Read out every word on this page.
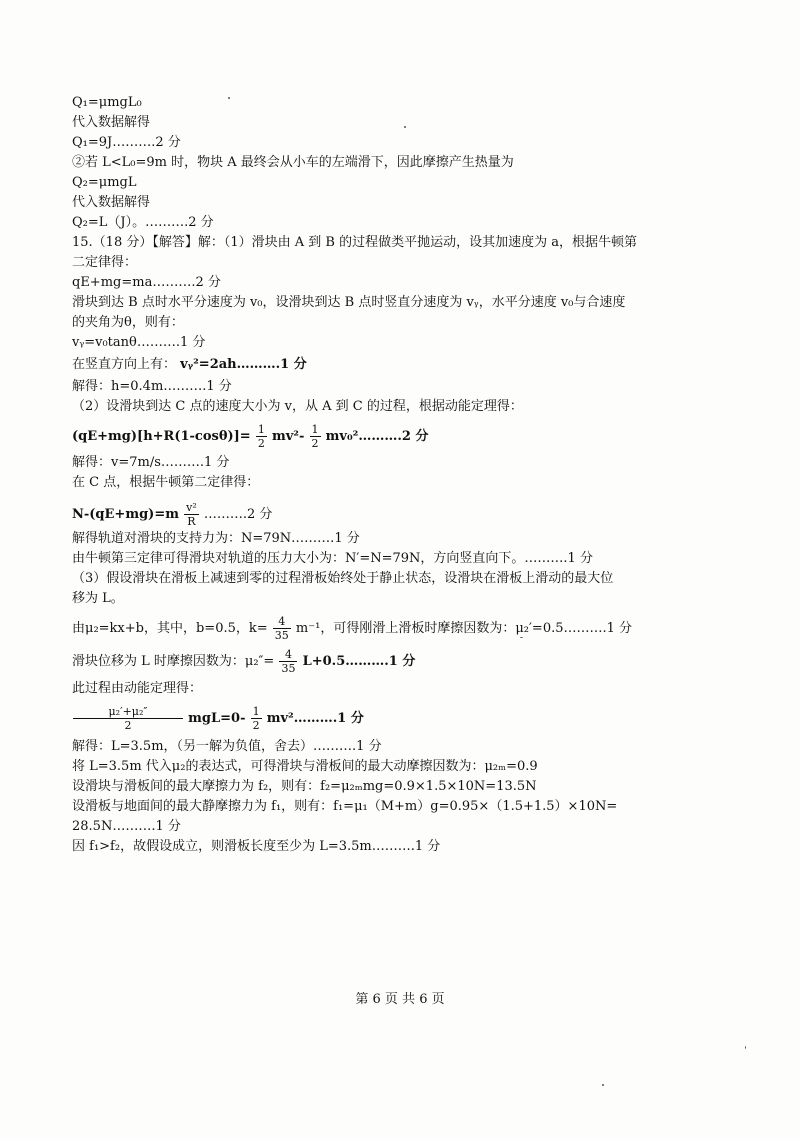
Q₁=μmgL₀
代入数据解得
Q₁=9J……….2 分
②若 L<L₀=9m 时，物块 A 最终会从小车的左端滑下，因此摩擦产生热量为
Q₂=μmgL
代入数据解得
Q₂=L（J）。……….2 分
15.（18 分）【解答】解：（1）滑块由 A 到 B 的过程做类平抛运动，设其加速度为 a，根据牛顿第
二定律得：
qE+mg=ma……….2 分
滑块到达 B 点时水平分速度为 v₀，设滑块到达 B 点时竖直分速度为 vᵧ，水平分速度 v₀与合速度
的夹角为θ，则有：
vᵧ=v₀tanθ……….1 分
在竖直方向上有： vᵧ²=2ah……….1 分
解得：h=0.4m……….1 分
（2）设滑块到达 C 点的速度大小为 v，从 A 到 C 的过程，根据动能定理得：
$(qE+mg)[h+R(1-\cos\theta)]= \frac{1}{2} mv^2- \frac{1}{2}$ mv₀²……….2 分
解得：v=7m/s……….1 分
在 C 点，根据牛顿第二定律得：
$N-(qE+mg)=m \frac{\text{v²}}{R}$ ……….2 分
解得轨道对滑块的支持力为：N=79N……….1 分
由牛顿第三定律可得滑块对轨道的压力大小为：N′=N=79N，方向竖直向下。……….1 分
（3）假设滑块在滑板上减速到零的过程滑板始终处于静止状态，设滑块在滑板上滑动的最大位
移为 L。
由μ₂=kx+b，其中，b=0.5，$k= \frac{4}{35} m^{-1}$，可得刚滑上滑板时摩擦因数为：μ₂′=0.5……….1 分
滑块位移为 L 时摩擦因数为：$\mu_2''= \frac{4}{35}$ L+0.5……….1 分
此过程由动能定理得：
$\frac{\text{μ₂′+μ₂″}}{2} mgL=0- \frac{1}{2}$ mv²……….1 分
解得：L=3.5m，（另一解为负值，舍去）……….1 分
将 L=3.5m 代入μ₂的表达式，可得滑块与滑板间的最大动摩擦因数为：μ₂ₘ=0.9
设滑块与滑板间的最大摩擦力为 f₂，则有：f₂=μ₂ₘmg=0.9×1.5×10N=13.5N
设滑板与地面间的最大静摩擦力为 f₁，则有：f₁=μ₁（M+m）g=0.95×（1.5+1.5）×10N=
28.5N……….1 分
因 f₁>f₂，故假设成立，则滑板长度至少为 L=3.5m……….1 分
第 6 页 共 6 页
